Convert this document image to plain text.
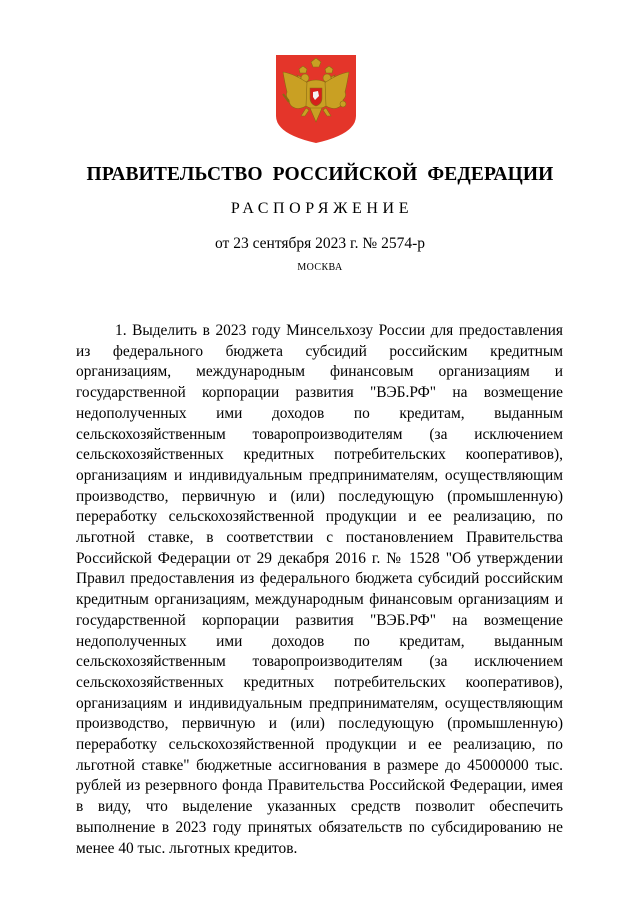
ПРАВИТЕЛЬСТВО РОССИЙСКОЙ ФЕДЕРАЦИИ
РАСПОРЯЖЕНИЕ
от 23 сентября 2023 г. № 2574-р
МОСКВА

1. Выделить в 2023 году Минсельхозу России для предоставления из федерального бюджета субсидий российским кредитным организациям, международным финансовым организациям и государственной корпорации развития "ВЭБ.РФ" на возмещение недополученных ими доходов по кредитам, выданным сельскохозяйственным товаропроизводителям (за исключением сельскохозяйственных кредитных потребительских кооперативов), организациям и индивидуальным предпринимателям, осуществляющим производство, первичную и (или) последующую (промышленную) переработку сельскохозяйственной продукции и ее реализацию, по льготной ставке, в соответствии с постановлением Правительства Российской Федерации от 29 декабря 2016 г. № 1528 "Об утверждении Правил предоставления из федерального бюджета субсидий российским кредитным организациям, международным финансовым организациям и государственной корпорации развития "ВЭБ.РФ" на возмещение недополученных ими доходов по кредитам, выданным сельскохозяйственным товаропроизводителям (за исключением сельскохозяйственных кредитных потребительских кооперативов), организациям и индивидуальным предпринимателям, осуществляющим производство, первичную и (или) последующую (промышленную) переработку сельскохозяйственной продукции и ее реализацию, по льготной ставке" бюджетные ассигнования в размере до 45000000 тыс. рублей из резервного фонда Правительства Российской Федерации, имея в виду, что выделение указанных средств позволит обеспечить выполнение в 2023 году принятых обязательств по субсидированию не менее 40 тыс. льготных кредитов.
